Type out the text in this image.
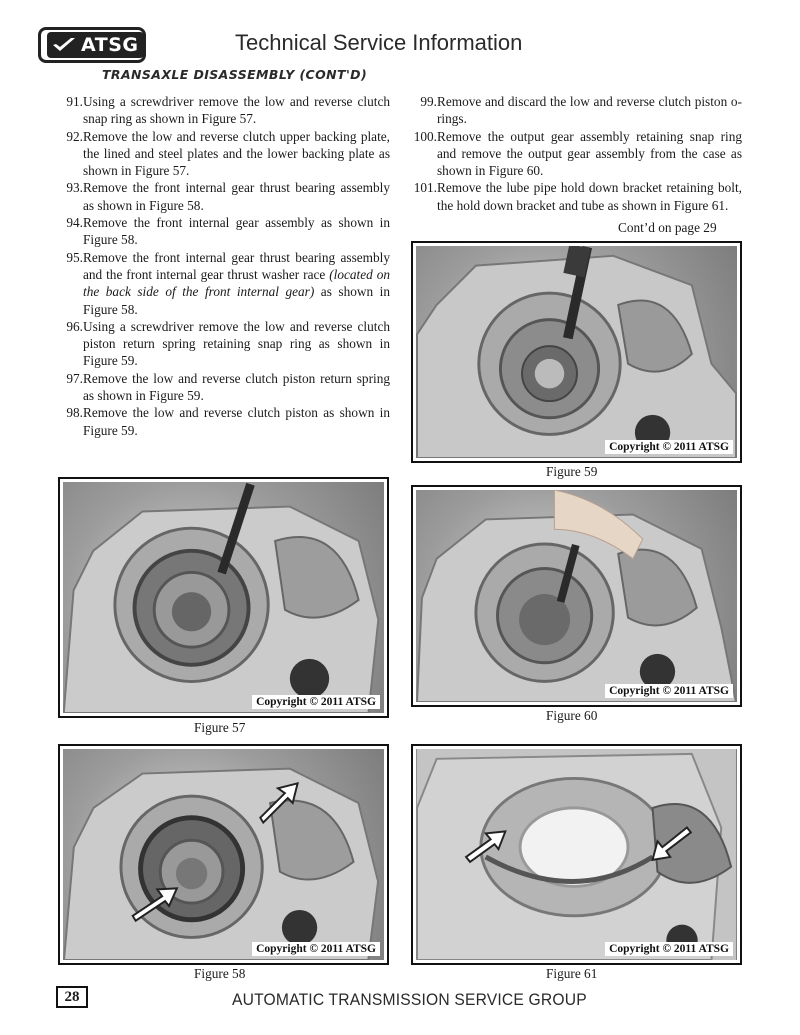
ATSG	Technical Service Information
TRANSAXLE DISASSEMBLY (CONT'D)
91. Using a screwdriver remove the low and reverse clutch snap ring as shown in Figure 57.
92. Remove the low and reverse clutch upper backing plate, the lined and steel plates and the lower backing plate as shown in Figure 57.
93. Remove the front internal gear thrust bearing assembly as shown in Figure 58.
94. Remove the front internal gear assembly as shown in Figure 58.
95. Remove the front internal gear thrust bearing assembly and the front internal gear thrust washer race (located on the back side of the front internal gear) as shown in Figure 58.
96. Using a screwdriver remove the low and reverse clutch piston return spring retaining snap ring as shown in Figure 59.
97. Remove the low and reverse clutch piston return spring as shown in Figure 59.
98. Remove the low and reverse clutch piston as shown in Figure 59.
99. Remove and discard the low and reverse clutch piston o-rings.
100. Remove the output gear assembly retaining snap ring and remove the output gear assembly from the case as shown in Figure 60.
101. Remove the lube pipe hold down bracket retaining bolt, the hold down bracket and tube as shown in Figure 61.
Cont’d on page 29
Copyright © 2011 ATSG
Figure 59
Copyright © 2011 ATSG
Figure 57
Copyright © 2011 ATSG
Figure 60
Copyright © 2011 ATSG
Figure 58
Copyright © 2011 ATSG
Figure 61
28	AUTOMATIC TRANSMISSION SERVICE GROUP
